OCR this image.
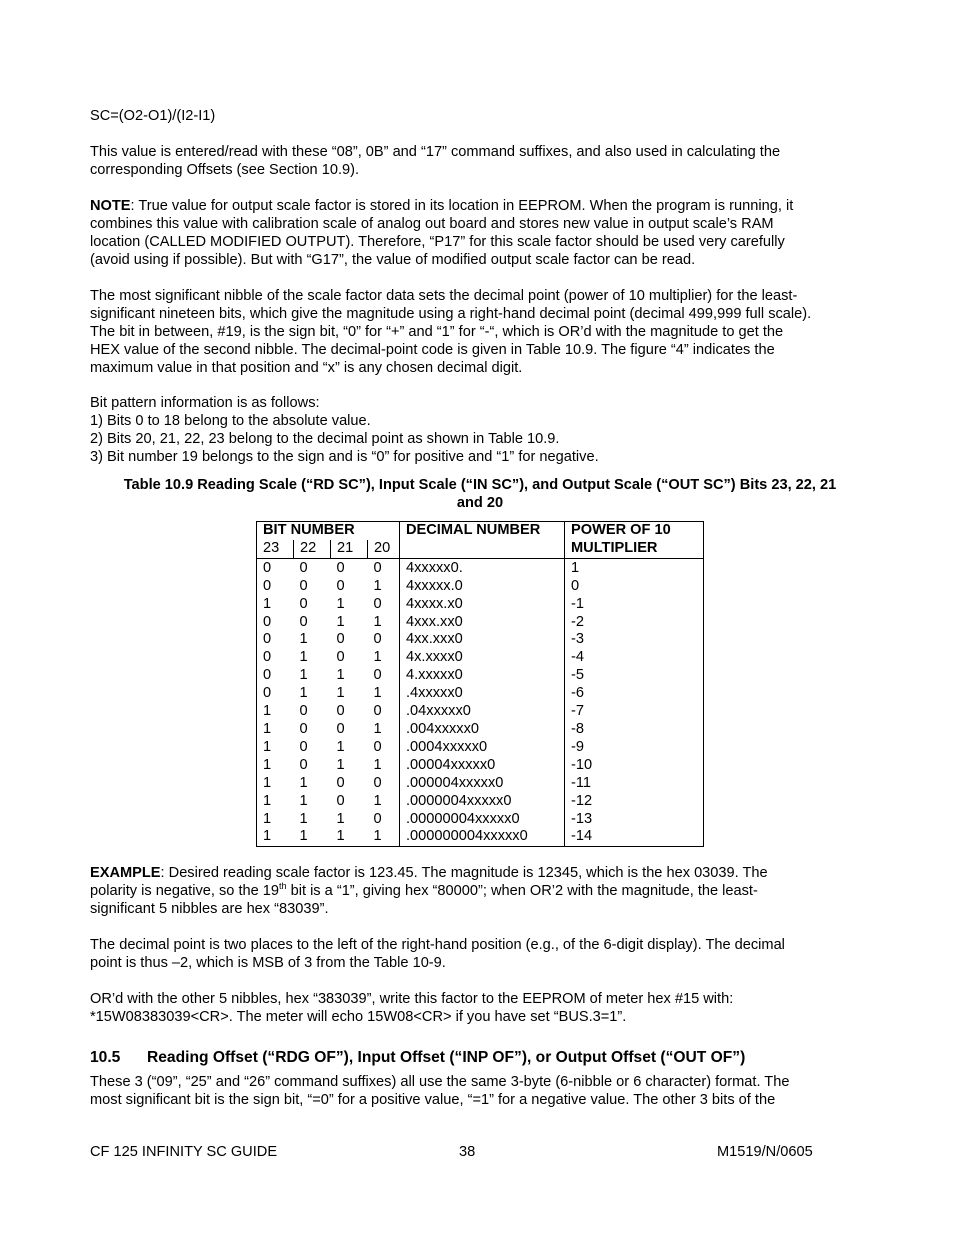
SC=(O2-O1)/(I2-I1)
This value is entered/read with these “08”, 0B” and “17” command suffixes, and also used in calculating the
corresponding Offsets (see Section 10.9).
NOTE: True value for output scale factor is stored in its location in EEPROM. When the program is running, it
combines this value with calibration scale of analog out board and stores new value in output scale’s RAM
location (CALLED MODIFIED OUTPUT). Therefore, “P17” for this scale factor should be used very carefully
(avoid using if possible). But with “G17”, the value of modified output scale factor can be read.
The most significant nibble of the scale factor data sets the decimal point (power of 10 multiplier) for the least-
significant nineteen bits, which give the magnitude using a right-hand decimal point (decimal 499,999 full scale).
The bit in between, #19, is the sign bit, “0” for “+” and “1” for “-“, which is OR’d with the magnitude to get the
HEX value of the second nibble. The decimal-point code is given in Table 10.9. The figure “4” indicates the
maximum value in that position and “x” is any chosen decimal digit.
Bit pattern information is as follows:
1) Bits 0 to 18 belong to the absolute value.
2) Bits 20, 21, 22, 23 belong to the decimal point as shown in Table 10.9.
3) Bit number 19 belongs to the sign and is “0” for positive and “1” for negative.
Table 10.9 Reading Scale (“RD SC”), Input Scale (“IN SC”), and Output Scale (“OUT SC”) Bits 23, 22, 21
and 20
BIT NUMBER				DECIMAL NUMBER	POWER OF 10
23	22	21	20		MULTIPLIER
0	0	0	0	4xxxxx0.	1
0	0	0	1	4xxxxx.0	0
1	0	1	0	4xxxx.x0	-1
0	0	1	1	4xxx.xx0	-2
0	1	0	0	4xx.xxx0	-3
0	1	0	1	4x.xxxx0	-4
0	1	1	0	4.xxxxx0	-5
0	1	1	1	.4xxxxx0	-6
1	0	0	0	.04xxxxx0	-7
1	0	0	1	.004xxxxx0	-8
1	0	1	0	.0004xxxxx0	-9
1	0	1	1	.00004xxxxx0	-10
1	1	0	0	.000004xxxxx0	-11
1	1	0	1	.0000004xxxxx0	-12
1	1	1	0	.00000004xxxxx0	-13
1	1	1	1	.000000004xxxxx0	-14
EXAMPLE: Desired reading scale factor is 123.45. The magnitude is 12345, which is the hex 03039. The
polarity is negative, so the 19th bit is a “1”, giving hex “80000”; when OR’2 with the magnitude, the least-
significant 5 nibbles are hex “83039”.
The decimal point is two places to the left of the right-hand position (e.g., of the 6-digit display). The decimal
point is thus –2, which is MSB of 3 from the Table 10-9.
OR’d with the other 5 nibbles, hex “383039”, write this factor to the EEPROM of meter hex #15 with:
*15W08383039<CR>. The meter will echo 15W08<CR> if you have set “BUS.3=1”.
10.5 Reading Offset (“RDG OF”), Input Offset (“INP OF”), or Output Offset (“OUT OF”)
These 3 (“09”, “25” and “26” command suffixes) all use the same 3-byte (6-nibble or 6 character) format. The
most significant bit is the sign bit, “=0” for a positive value, “=1” for a negative value. The other 3 bits of the
CF 125 INFINITY SC GUIDE	38	M1519/N/0605
